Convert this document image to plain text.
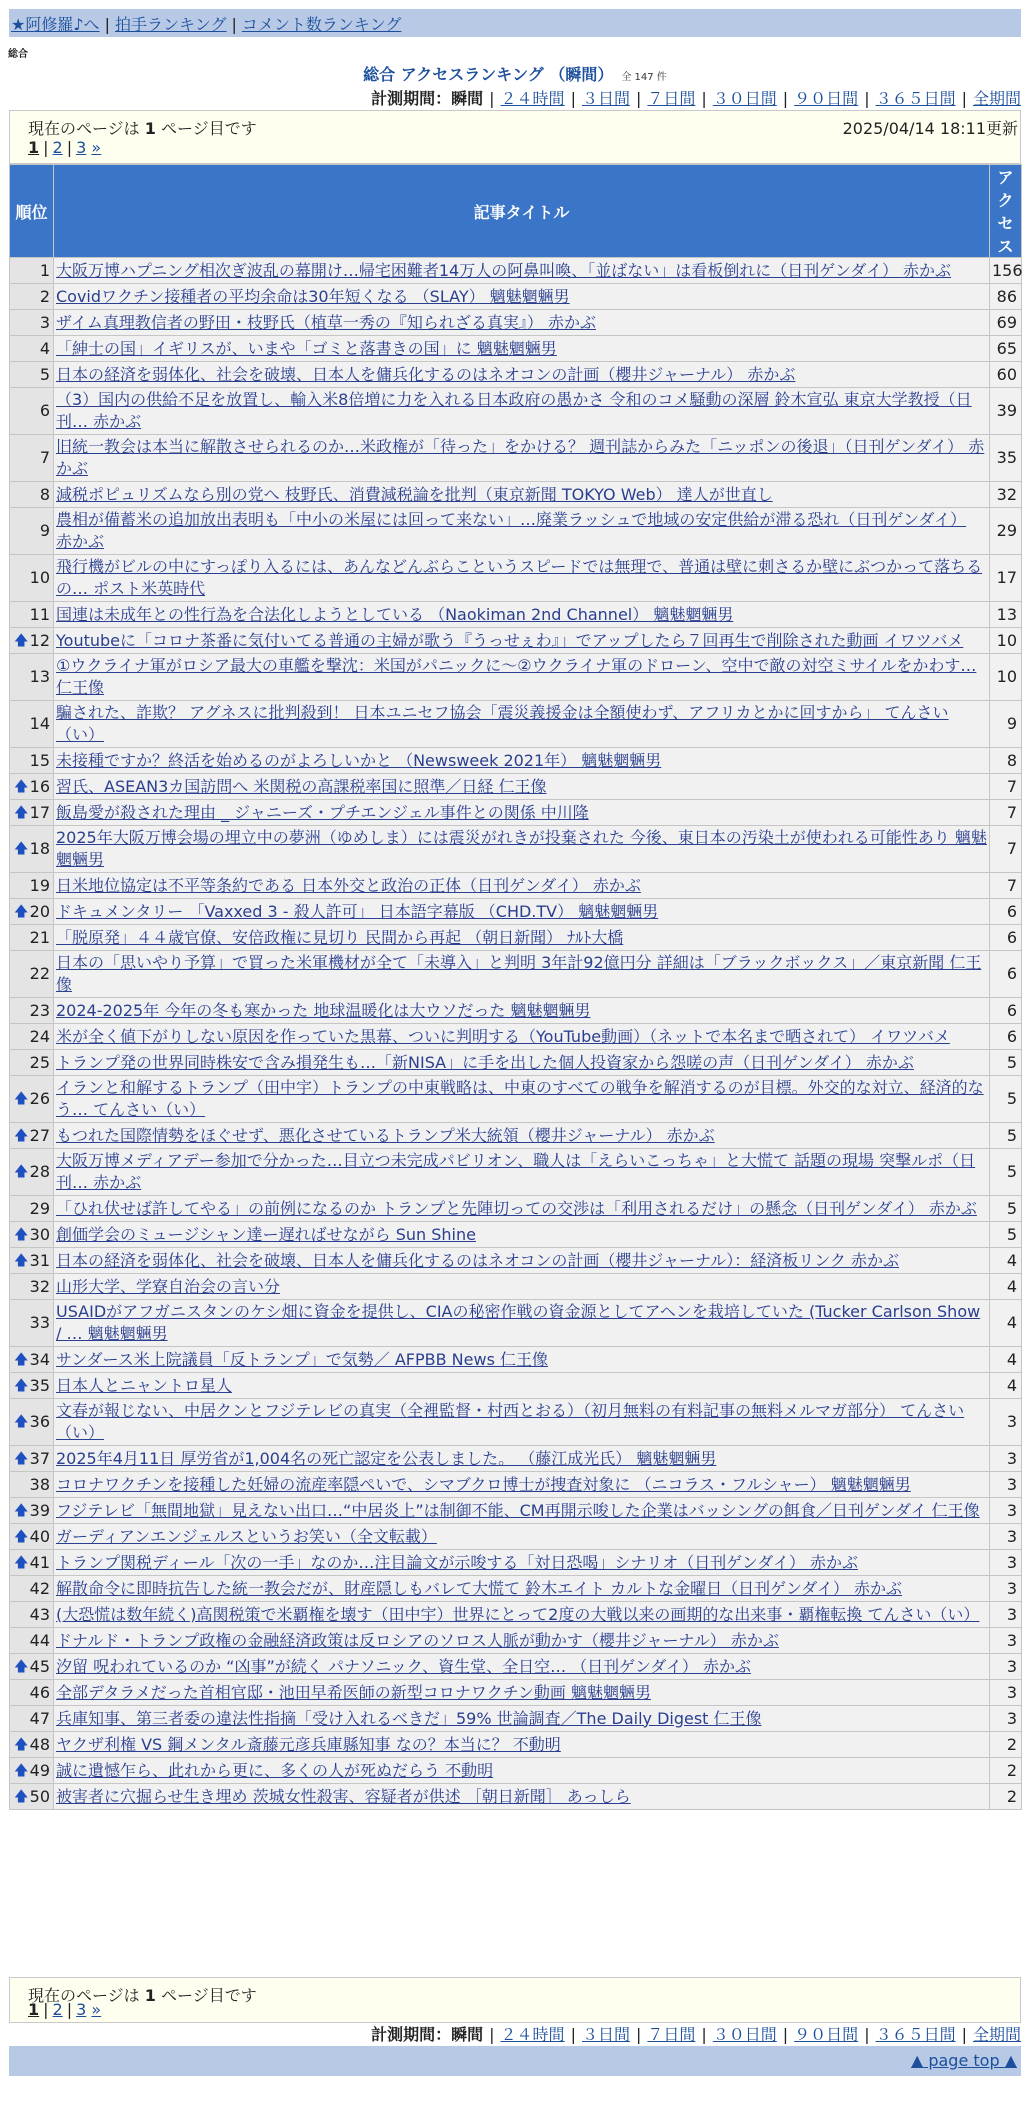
★阿修羅♪へ | 拍手ランキング | コメント数ランキング
総合
総合 アクセスランキング （瞬間） 全 147 件
計測期間：瞬間 | ２４時間 | ３日間 | ７日間 | ３０日間 | ９０日間 | ３６５日間 | 全期間
現在のページは 1 ページ目です	2025/04/14 18:11更新
1 | 2 | 3 »
順位	記事タイトル	アクセス
1	大阪万博ハプニング相次ぎ波乱の幕開け…帰宅困難者14万人の阿鼻叫喚、「並ばない」は看板倒れに（日刊ゲンダイ） 赤かぶ	156
2	Covidワクチン接種者の平均余命は30年短くなる （SLAY） 魑魅魍魎男	86
3	ザイム真理教信者の野田・枝野氏（植草一秀の『知られざる真実』） 赤かぶ	69
4	「紳士の国」イギリスが、いまや「ゴミと落書きの国」に 魑魅魍魎男	65
5	日本の経済を弱体化、社会を破壊、日本人を傭兵化するのはネオコンの計画（櫻井ジャーナル） 赤かぶ	60
6	（3）国内の供給不足を放置し、輸入米8倍増に力を入れる日本政府の愚かさ 令和のコメ騒動の深層 鈴木宣弘 東京大学教授（日刊… 赤かぶ	39
7	旧統一教会は本当に解散させられるのか…米政権が「待った」をかける？ 週刊誌からみた「ニッポンの後退」（日刊ゲンダイ） 赤かぶ	35
8	減税ポピュリズムなら別の党へ 枝野氏、消費減税論を批判（東京新聞 TOKYO Web） 達人が世直し	32
9	農相が備蓄米の追加放出表明も「中小の米屋には回って来ない」…廃業ラッシュで地域の安定供給が滞る恐れ（日刊ゲンダイ） 赤かぶ	29
10	飛行機がビルの中にすっぽり入るには、あんなどんぶらこというスピードでは無理で、普通は壁に刺さるか壁にぶつかって落ちるの… ポスト米英時代	17
11	国連は未成年との性行為を合法化しようとしている （Naokiman 2nd Channel） 魑魅魍魎男	13

🡅 12	Youtubeに「コロナ茶番に気付いてる普通の主婦が歌う『うっせぇわ』」でアップしたら７回再生で削除された動画 イワツバメ	10
13	①ウクライナ軍がロシア最大の車艦を撃沈：米国がパニックに〜②ウクライナ軍のドローン、空中で敵の対空ミサイルをかわす… 仁王像	10
14	騙された、詐欺？ アグネスに批判殺到！ 日本ユニセフ協会「震災義援金は全額使わず、アフリカとかに回すから」 てんさい（い）	9
15	未接種ですか？終活を始めるのがよろしいかと （Newsweek 2021年） 魑魅魍魎男	8

🡅 16	習氏、ASEAN3カ国訪問へ 米関税の高課税率国に照準／日経 仁王像	7

🡅 17	飯島愛が殺された理由 _ ジャニーズ・プチエンジェル事件との関係 中川隆	7

🡅 18	2025年大阪万博会場の埋立中の夢洲（ゆめしま）には震災がれきが投棄された 今後、東日本の汚染土が使われる可能性あり 魑魅魍魎男	7
19	日米地位協定は不平等条約である 日本外交と政治の正体（日刊ゲンダイ） 赤かぶ	7

🡅 20	ドキュメンタリー 「Vaxxed 3 - 殺人許可」 日本語字幕版 （CHD.TV） 魑魅魍魎男	6
21	「脱原発」４４歳官僚、安倍政権に見切り 民間から再起 （朝日新聞） ﾅﾙﾄ大橋	6
22	日本の「思いやり予算」で買った米軍機材が全て「未導入」と判明 3年計92億円分 詳細は「ブラックボックス」／東京新聞 仁王像	6
23	2024-2025年 今年の冬も寒かった 地球温暖化は大ウソだった 魑魅魍魎男	6
24	米が全く値下がりしない原因を作っていた黒幕、ついに判明する（YouTube動画）（ネットで本名まで晒されて） イワツバメ	6
25	トランプ発の世界同時株安で含み損発生も…「新NISA」に手を出した個人投資家から怨嗟の声（日刊ゲンダイ） 赤かぶ	5

🡅 26	イランと和解するトランプ（田中宇）トランプの中東戦略は、中東のすべての戦争を解消するのが目標。外交的な対立、経済的なう… てんさい（い）	5

🡅 27	もつれた国際情勢をほぐせず、悪化させているトランプ米大統領（櫻井ジャーナル） 赤かぶ	5

🡅 28	大阪万博メディアデー参加で分かった…目立つ未完成パビリオン、職人は「えらいこっちゃ」と大慌て 話題の現場 突撃ルポ（日刊… 赤かぶ	5
29	「ひれ伏せば許してやる」の前例になるのか トランプと先陣切っての交渉は「利用されるだけ」の懸念（日刊ゲンダイ） 赤かぶ	5

🡅 30	創価学会のミュージシャン達ー遅ればせながら Sun Shine	5

🡅 31	日本の経済を弱体化、社会を破壊、日本人を傭兵化するのはネオコンの計画（櫻井ジャーナル）：経済板リンク 赤かぶ	4
32	山形大学、学寮自治会の言い分	4
33	USAIDがアフガニスタンのケシ畑に資金を提供し、CIAの秘密作戦の資金源としてアヘンを栽培していた (Tucker Carlson Show / … 魑魅魍魎男	4

🡅 34	サンダース米上院議員「反トランプ」で気勢／ AFPBB News 仁王像	4

🡅 35	日本人とニャントロ星人	4

🡅 36	文春が報じない、中居クンとフジテレビの真実（全裡監督・村西とおる）（初月無料の有料記事の無料メルマガ部分） てんさい（い）	3

🡅 37	2025年4月11日 厚労省が1,004名の死亡認定を公表しました。 （藤江成光氏） 魑魅魍魎男	3
38	コロナワクチンを接種した妊婦の流産率隠ぺいで、シマブクロ博士が捜査対象に （ニコラス・フルシャー） 魑魅魍魎男	3

🡅 39	フジテレビ「無間地獄」見えない出口…“中居炎上”は制御不能、CM再開示唆した企業はバッシングの餌食／日刊ゲンダイ 仁王像	3

🡅 40	ガーディアンエンジェルスというお笑い（全文転載）	3

🡅 41	トランプ関税ディール「次の一手」なのか…注目論文が示唆する「対日恐喝」シナリオ（日刊ゲンダイ） 赤かぶ	3
42	解散命令に即時抗告した統一教会だが、財産隠しもバレて大慌て 鈴木エイト カルトな金曜日（日刊ゲンダイ） 赤かぶ	3
43	(大恐慌は数年続く)高関税策で米覇権を壊す（田中宇）世界にとって2度の大戦以来の画期的な出来事・覇権転換 てんさい（い）	3
44	ドナルド・トランプ政権の金融経済政策は反ロシアのソロス人脈が動かす（櫻井ジャーナル） 赤かぶ	3

🡅 45	汐留 呪われているのか “凶事”が続く パナソニック、資生堂、全日空… （日刊ゲンダイ） 赤かぶ	3
46	全部デタラメだった首相官邸・池田早希医師の新型コロナワクチン動画 魑魅魍魎男	3
47	兵庫知事、第三者委の違法性指摘「受け入れるべきだ」59% 世論調査／The Daily Digest 仁王像	3

🡅 48	ヤクザ利権 VS 鋼メンタル斎藤元彦兵庫縣知事 なの？本当に？ 不動明	2

🡅 49	誠に遺憾乍ら、此れから更に、多くの人が死ぬだらう 不動明	2

🡅 50	被害者に穴掘らせ生き埋め 茨城女性殺害、容疑者が供述 ［朝日新聞］ あっしら	2
現在のページは 1 ページ目です
1 | 2 | 3 »
計測期間：瞬間 | ２４時間 | ３日間 | ７日間 | ３０日間 | ９０日間 | ３６５日間 | 全期間
▲ page top ▲
